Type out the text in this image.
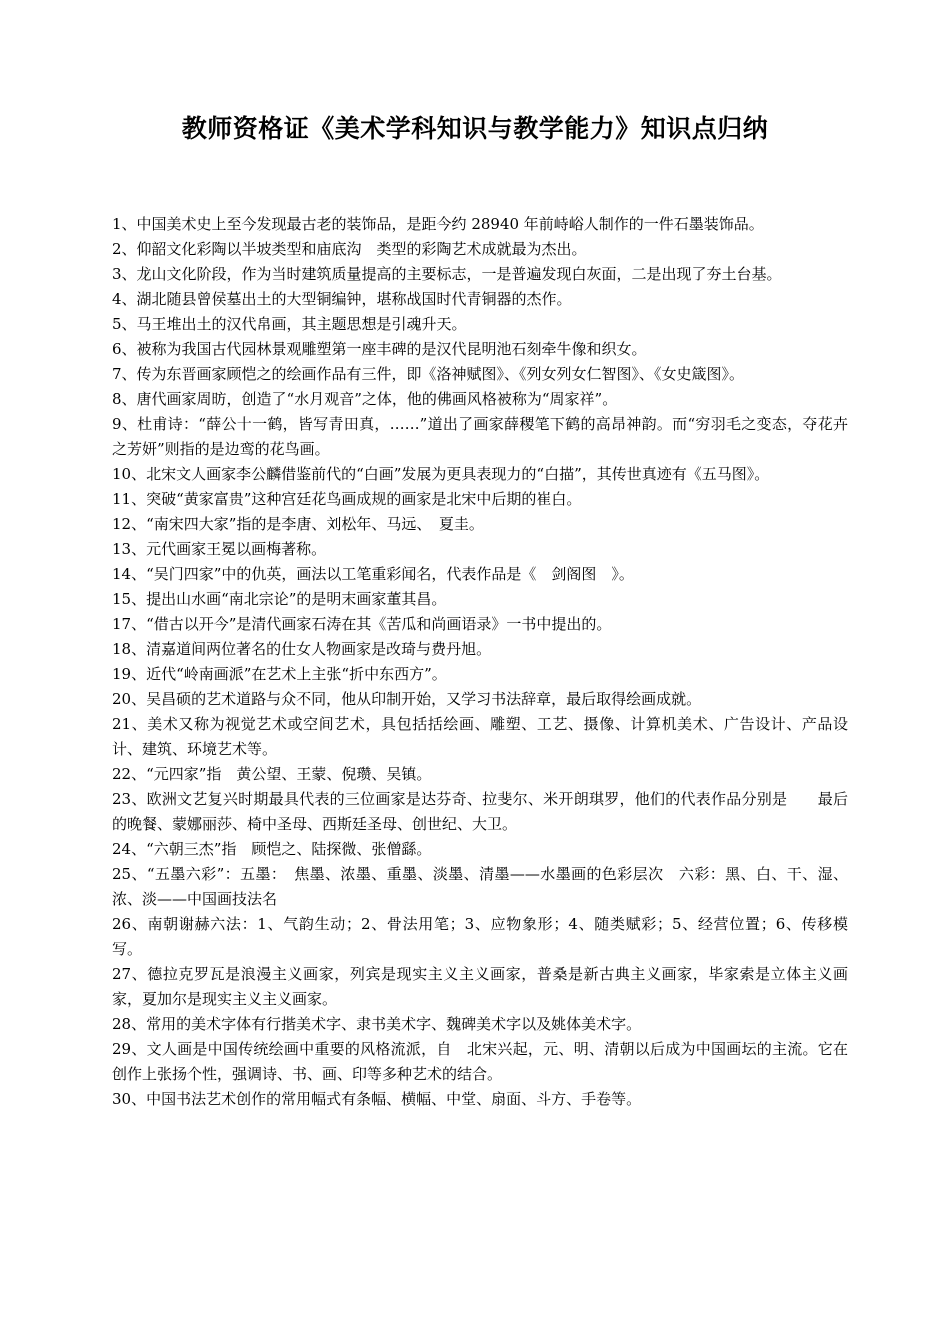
教师资格证《美术学科知识与教学能力》知识点归纳

1、中国美术史上至今发现最古老的装饰品，是距今约 28940 年前峙峪人制作的一件石墨装饰品。

2、仰韶文化彩陶以半坡类型和庙底沟　类型的彩陶艺术成就最为杰出。

3、龙山文化阶段，作为当时建筑质量提高的主要标志，一是普遍发现白灰面，二是出现了夯土台基。

4、湖北随县曾侯墓出土的大型铜编钟，堪称战国时代青铜器的杰作。

5、马王堆出土的汉代帛画，其主题思想是引魂升天。

6、被称为我国古代园林景观雕塑第一座丰碑的是汉代昆明池石刻牵牛像和织女。

7、传为东晋画家顾恺之的绘画作品有三件，即《洛神赋图》、《列女列女仁智图》、《女史箴图》。

8、唐代画家周昉，创造了“水月观音”之体，他的佛画风格被称为“周家祥”。

9、杜甫诗：“薛公十一鹤，皆写青田真，……”道出了画家薛稷笔下鹤的高昂神韵。而“穷羽毛之变态，夺花卉之芳妍”则指的是边鸾的花鸟画。

10、北宋文人画家李公麟借鉴前代的“白画”发展为更具表现力的“白描”，其传世真迹有《五马图》。

11、突破“黄家富贵”这种宫廷花鸟画成规的画家是北宋中后期的崔白。

12、“南宋四大家”指的是李唐、刘松年、马远、　夏圭。

13、元代画家王冕以画梅著称。

14、“吴门四家”中的仇英，画法以工笔重彩闻名，代表作品是《　剑阁图　》。

15、提出山水画“南北宗论”的是明末画家董其昌。

17、“借古以开今”是清代画家石涛在其《苦瓜和尚画语录》一书中提出的。

18、清嘉道间两位著名的仕女人物画家是改琦与费丹旭。

19、近代“岭南画派”在艺术上主张“折中东西方”。

20、吴昌硕的艺术道路与众不同，他从印制开始，又学习书法辞章，最后取得绘画成就。

21、美术又称为视觉艺术或空间艺术，具包括括绘画、雕塑、工艺、摄像、计算机美术、广告设计、产品设计、建筑、环境艺术等。

22、“元四家”指　黄公望、王蒙、倪瓒、吴镇。

23、欧洲文艺复兴时期最具代表的三位画家是达芬奇、拉斐尔、米开朗琪罗，他们的代表作品分别是　　最后的晚餐、蒙娜丽莎、椅中圣母、西斯廷圣母、创世纪、大卫。

24、“六朝三杰”指　顾恺之、陆探微、张僧繇。

25、“五墨六彩”：五墨：　焦墨、浓墨、重墨、淡墨、清墨——水墨画的色彩层次　六彩：黑、白、干、湿、浓、淡——中国画技法名

26、南朝谢赫六法：1、气韵生动；2、骨法用笔；3、应物象形；4、随类赋彩；5、经营位置；6、传移模写。

27、德拉克罗瓦是浪漫主义画家，列宾是现实主义主义画家，普桑是新古典主义画家，毕家索是立体主义画家，夏加尔是现实主义主义画家。

28、常用的美术字体有行揩美术字、隶书美术字、魏碑美术字以及姚体美术字。

29、文人画是中国传统绘画中重要的风格流派，自　北宋兴起，元、明、清朝以后成为中国画坛的主流。它在创作上张扬个性，强调诗、书、画、印等多种艺术的结合。

30、中国书法艺术创作的常用幅式有条幅、横幅、中堂、扇面、斗方、手卷等。
